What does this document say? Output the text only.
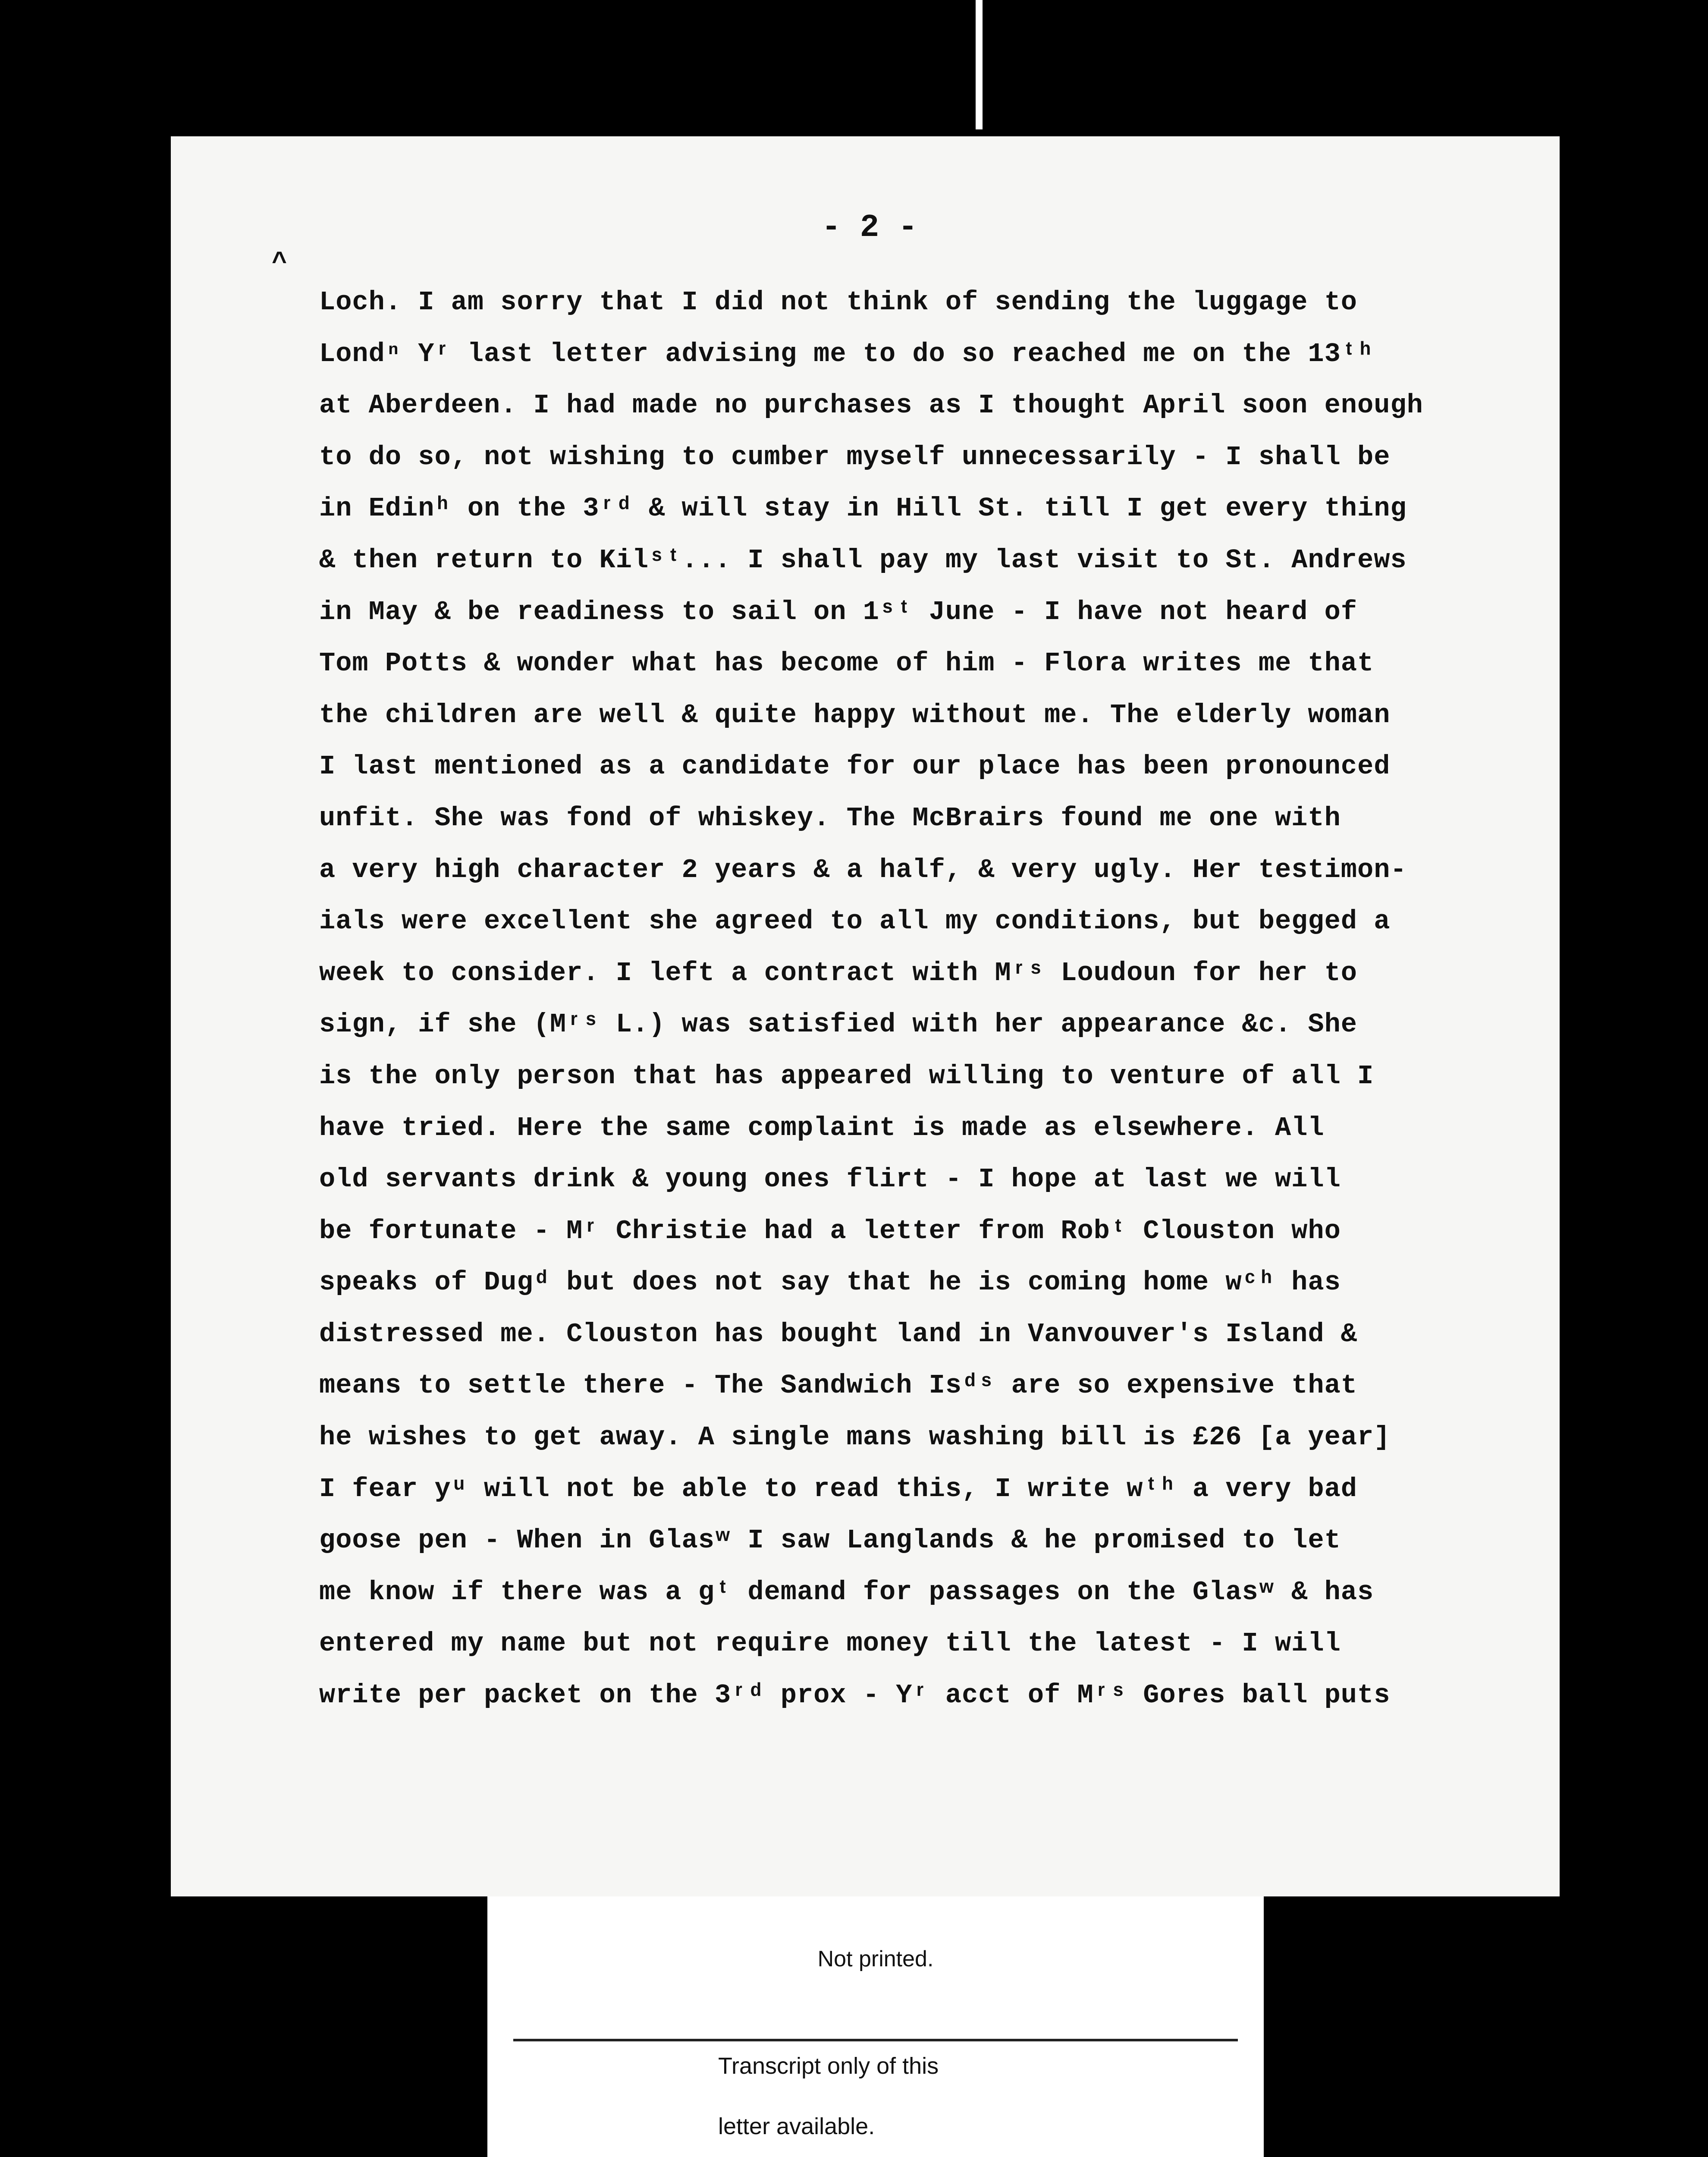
- 2 -
^
Loch. I am sorry that I did not think of sending the luggage to
Londⁿ Yʳ last letter advising me to do so reached me on the 13ᵗʰ
at Aberdeen. I had made no purchases as I thought April soon enough
to do so, not wishing to cumber myself unnecessarily - I shall be
in Edinʰ on the 3ʳᵈ & will stay in Hill St. till I get every thing
& then return to Kilˢᵗ... I shall pay my last visit to St. Andrews
in May & be readiness to sail on 1ˢᵗ June - I have not heard of
Tom Potts & wonder what has become of him - Flora writes me that
the children are well & quite happy without me. The elderly woman
I last mentioned as a candidate for our place has been pronounced
unfit. She was fond of whiskey. The McBrairs found me one with
a very high character 2 years & a half, & very ugly. Her testimon-
ials were excellent she agreed to all my conditions, but begged a
week to consider. I left a contract with Mʳˢ Loudoun for her to
sign, if she (Mʳˢ L.) was satisfied with her appearance &c. She
is the only person that has appeared willing to venture of all I
have tried. Here the same complaint is made as elsewhere. All
old servants drink & young ones flirt - I hope at last we will
be fortunate - Mʳ Christie had a letter from Robᵗ Clouston who
speaks of Dugᵈ but does not say that he is coming home wᶜʰ has
distressed me. Clouston has bought land in Vanvouver's Island &
means to settle there - The Sandwich Isᵈˢ are so expensive that
he wishes to get away. A single mans washing bill is £26 [a year]
I fear yᵘ will not be able to read this, I write wᵗʰ a very bad
goose pen - When in Glasʷ I saw Langlands & he promised to let
me know if there was a gᵗ demand for passages on the Glasʷ & has
entered my name but not require money till the latest - I will
write per packet on the 3ʳᵈ prox - Yʳ acct of Mʳˢ Gores ball puts
Not printed.
Transcript only of this
letter available.
